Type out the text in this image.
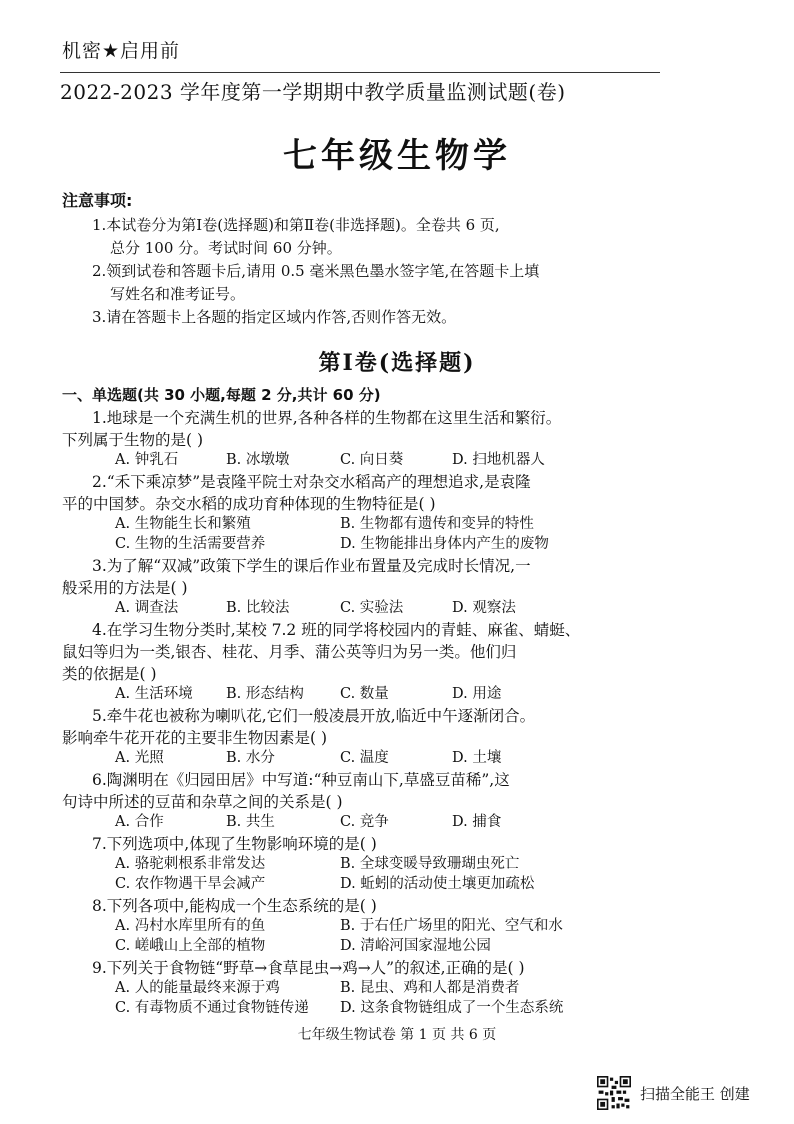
机密★启用前
2022-2023 学年度第一学期期中教学质量监测试题(卷)
七年级生物学
注意事项:
1.本试卷分为第Ⅰ卷(选择题)和第Ⅱ卷(非选择题)。全卷共 6 页,
总分 100 分。考试时间 60 分钟。
2.领到试卷和答题卡后,请用 0.5 毫米黑色墨水签字笔,在答题卡上填
写姓名和准考证号。
3.请在答题卡上各题的指定区域内作答,否则作答无效。
第Ⅰ卷(选择题)
一、单选题(共 30 小题,每题 2 分,共计 60 分)
1.地球是一个充满生机的世界,各种各样的生物都在这里生活和繁衍。
下列属于生物的是( )
A. 钟乳石	B. 冰墩墩	C. 向日葵	D. 扫地机器人
2.“禾下乘凉梦”是袁隆平院士对杂交水稻高产的理想追求,是袁隆
平的中国梦。杂交水稻的成功育种体现的生物特征是( )
A. 生物能生长和繁殖	B. 生物都有遗传和变异的特性
C. 生物的生活需要营养	D. 生物能排出身体内产生的废物
3.为了解“双减”政策下学生的课后作业布置量及完成时长情况,一
般采用的方法是( )
A. 调查法	B. 比较法	C. 实验法	D. 观察法
4.在学习生物分类时,某校 7.2 班的同学将校园内的青蛙、麻雀、蜻蜓、
鼠妇等归为一类,银杏、桂花、月季、蒲公英等归为另一类。他们归
类的依据是( )
A. 生活环境 B. 形态结构 C. 数量	D. 用途
5.牵牛花也被称为喇叭花,它们一般凌晨开放,临近中午逐渐闭合。
影响牵牛花开花的主要非生物因素是( )
A. 光照	B. 水分	C. 温度	D. 土壤
6.陶渊明在《归园田居》中写道:“种豆南山下,草盛豆苗稀”,这
句诗中所述的豆苗和杂草之间的关系是( )
A. 合作	B. 共生	C. 竞争	D. 捕食
7.下列选项中,体现了生物影响环境的是( )
A. 骆驼刺根系非常发达	B. 全球变暖导致珊瑚虫死亡
C. 农作物遇干旱会减产	D. 蚯蚓的活动使土壤更加疏松
8.下列各项中,能构成一个生态系统的是( )
A. 冯村水库里所有的鱼	B. 于右任广场里的阳光、空气和水
C. 嵯峨山上全部的植物	D. 清峪河国家湿地公园
9.下列关于食物链“野草→食草昆虫→鸡→人”的叙述,正确的是( )
A. 人的能量最终来源于鸡	B. 昆虫、鸡和人都是消费者
C. 有毒物质不通过食物链传递 D. 这条食物链组成了一个生态系统
七年级生物试卷 第 1 页 共 6 页
扫描全能王 创建
